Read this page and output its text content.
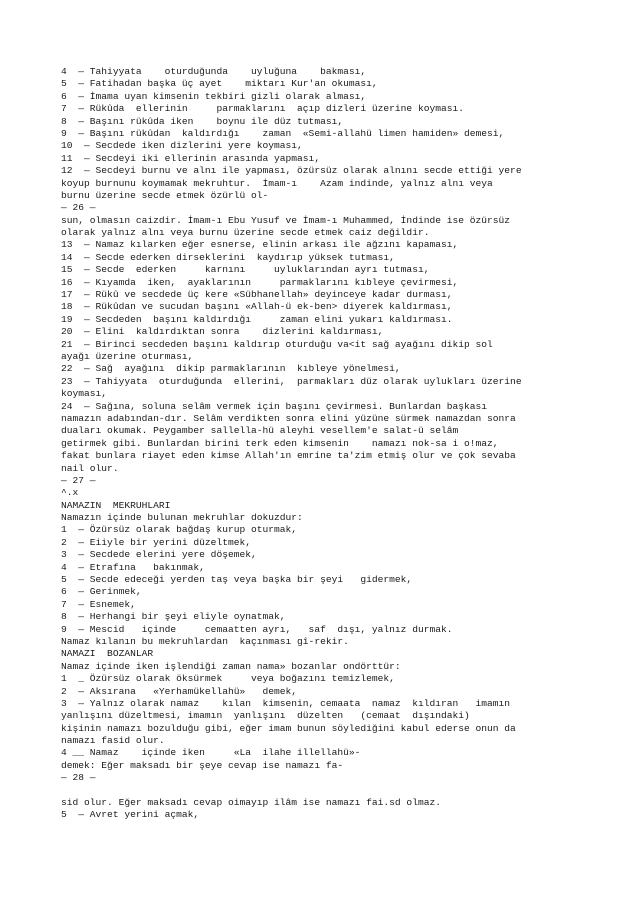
4  — Tahiyyata    oturduğunda    uyluğuna    bakması,
5  — Fatihadan başka üç ayet    miktarı Kur'an okuması,
6  — İmama uyan kimsenin tekbiri gizli olarak alması,
7  — Rükûda  ellerinin     parmaklarını  açıp dizleri üzerine koyması.
8  — Başını rükûda iken    boynu ile düz tutması,
9  — Başını rükûdan  kaldırdığı    zaman  «Semi-allahü limen hamiden» demesi,
10  — Secdede iken dizlerini yere koyması,
11  — Secdeyi iki ellerinin arasında yapması,
12  — Secdeyi burnu ve alnı ile yapması, özürsüz olarak alnını secde ettiği yere
koyup burnunu koymamak mekruhtur.  İmam-ı    Azam indinde, yalnız alnı veya
burnu üzerine secde etmek özürlü ol-
— 26 —
sun, olmasın caizdir. İmam-ı Ebu Yusuf ve İmam-ı Muhammed, İndinde ise özürsüz
olarak yalnız alnı veya burnu üzerine secde etmek caiz değildir.
13  — Namaz kılarken eğer esnerse, elinin arkası ile ağzını kapaması,
14  — Secde ederken dirseklerini  kaydırıp yüksek tutması,
15  — Secde  ederken     karnını     uyluklarından ayrı tutması,
16  — Kıyamda  iken,  ayaklarının     parmaklarını kıbleye çevirmesi,
17  — Rükû ve secdede üç kere «Sübhanellah» deyinceye kadar durması,
18  — Rükûdan ve sucudan başını «Allah-ü ek-ben> diyerek kaldırması,
19  — Secdeden  başını kaldırdığı     zaman elini yukarı kaldırması.
20  — Elini  kaldırdıktan sonra    dizlerini kaldırması,
21  — Birinci secdeden başını kaldırıp oturduğu va<it sağ ayağını dikip sol
ayağı üzerine oturması,
22  — Sağ  ayağını  dikip parmaklarının  kıbleye yönelmesi,
23  — Tahiyyata  oturduğunda  ellerini,  parmakları düz olarak uylukları üzerine
koyması,
24  — Sağına, soluna selâm vermek için başını çevirmesi. Bunlardan başkası
namazın adabından-dır. Selâm verdikten sonra elini yüzüne sürmek namazdan sonra
duaları okumak. Peygamber sallella-hü aleyhi vesellem'e salat-ü selâm
getirmek gibi. Bunlardan birini terk eden kimsenin    namazı nok-sa i o!maz,
fakat bunlara riayet eden kimse Allah'ın emrine ta'zim etmiş olur ve çok sevaba
nail olur.
— 27 —
^.x
NAMAZIN  MEKRUHLARI
Namazın içinde bulunan mekruhlar dokuzdur:
1  — Özürsüz olarak bağdaş kurup oturmak,
2  — Eiiyle bir yerini düzeltmek,
3  — Secdede elerini yere döşemek,
4  — Etrafına   bakınmak,
5  — Secde edeceği yerden taş veya başka bir şeyi   gidermek,
6  — Gerinmek,
7  — Esnemek,
8  — Herhangi bir şeyi eliyle oynatmak,
9  — Mescid   içinde     cemaatten ayrı,   saf  dışı, yalnız durmak.
Namaz kılanın bu mekruhlardan  kaçınması gî-rekir.
NAMAZI  BOZANLAR
Namaz içinde iken işlendiği zaman nama» bozanlar ondörttür:
1  _ Özürsüz olarak öksürmek     veya boğazını temizlemek,
2  — Aksırana   «Yerhamükellahü»   demek,
3  — Yalnız olarak namaz    kılan  kimsenin, cemaata  namaz  kıldıran   imamın
yanlışını düzeltmesi, imamın  yanlışını  düzelten   (cemaat  dışındaki)
kişinin namazı bozulduğu gibi, eğer imam bunun söylediğini kabul ederse onun da
namazı fasid olur.
4 __ Namaz    içinde iken     «La  ilahe illellahü»-
demek: Eğer maksadı bir şeye cevap ise namazı fa-
— 28 —
sid olur. Eğer maksadı cevap oimayıp ilâm ise namazı fai.sd olmaz.
5  — Avret yerini açmak,
